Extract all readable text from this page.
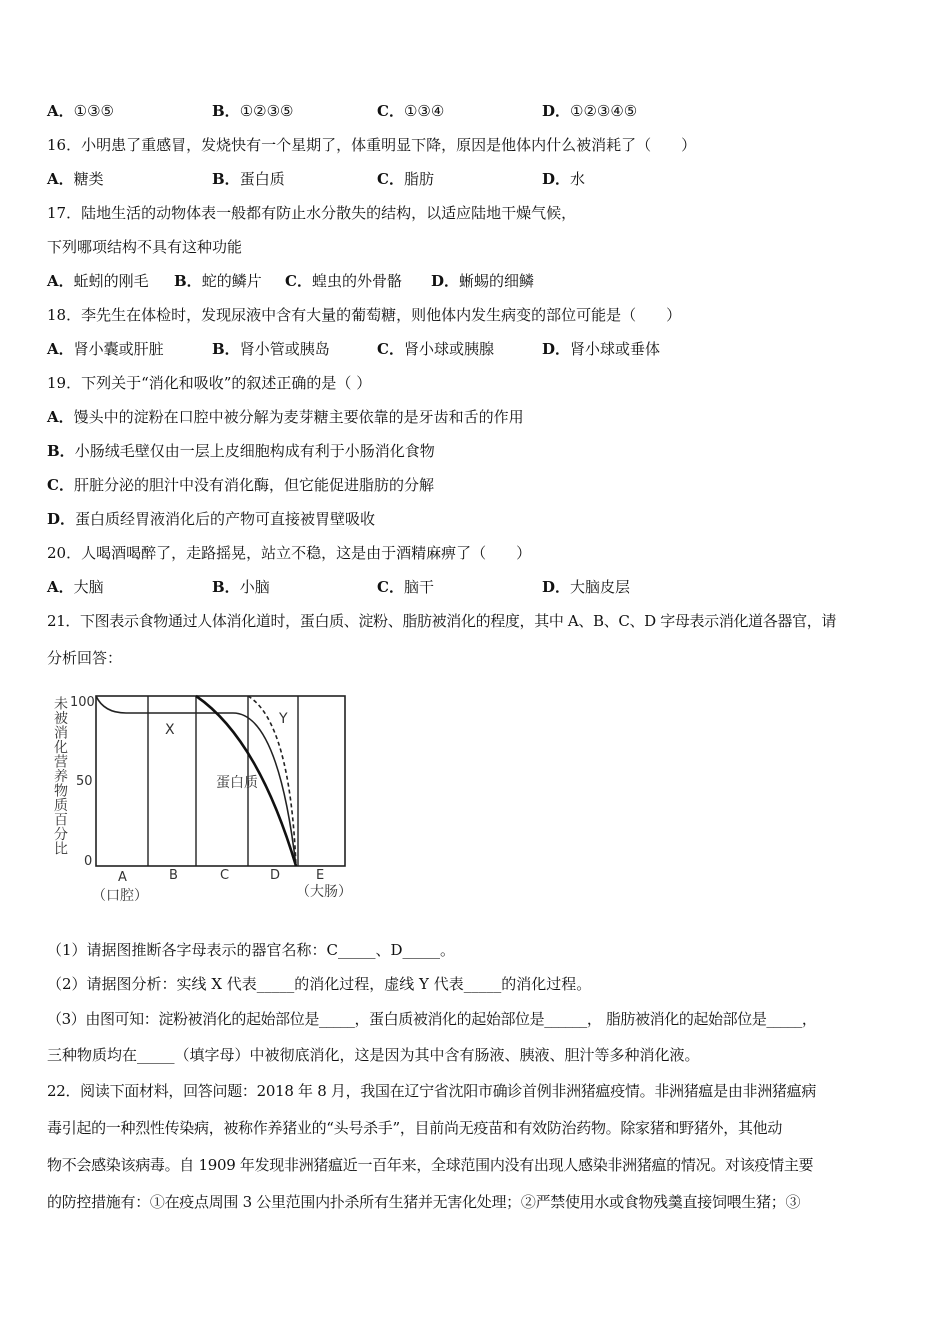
A．①③⑤	B．①②③⑤	C．①③④	D．①②③④⑤
16．小明患了重感冒，发烧快有一个星期了，体重明显下降，原因是他体内什么被消耗了（　　）
A．糖类	B．蛋白质	C．脂肪	D．水
17．陆地生活的动物体表一般都有防止水分散失的结构，以适应陆地干燥气候，
下列哪项结构不具有这种功能
A．蚯蚓的刚毛 B．蛇的鳞片 C．蝗虫的外骨骼 D．蜥蜴的细鳞
18．李先生在体检时，发现尿液中含有大量的葡萄糖，则他体内发生病变的部位可能是（　　）
A．肾小囊或肝脏	B．肾小管或胰岛	C．肾小球或胰腺	D．肾小球或垂体
19．下列关于“消化和吸收”的叙述正确的是（ ）
A．馒头中的淀粉在口腔中被分解为麦芽糖主要依靠的是牙齿和舌的作用
B．小肠绒毛壁仅由一层上皮细胞构成有利于小肠消化食物
C．肝脏分泌的胆汁中没有消化酶，但它能促进脂肪的分解
D．蛋白质经胃液消化后的产物可直接被胃壁吸收
20．人喝酒喝醉了，走路摇晃，站立不稳，这是由于酒精麻痹了（　　）
A．大脑	B．小脑	C．脑干	D．大脑皮层
21．下图表示食物通过人体消化道时，蛋白质、淀粉、脂肪被消化的程度，其中 A、B、C、D 字母表示消化道各器官，请
分析回答：
未被消化营养物质百分比 100
50
0
X
Y
蛋白质
A	B	C	D	E
（口腔）	（大肠）
（1）请据图推断各字母表示的器官名称：C_____、D_____。
（2）请据图分析：实线 X 代表_____的消化过程，虚线 Y 代表_____的消化过程。
（3）由图可知：淀粉被消化的起始部位是_____，蛋白质被消化的起始部位是______， 脂肪被消化的起始部位是_____，
三种物质均在_____（填字母）中被彻底消化，这是因为其中含有肠液、胰液、胆汁等多种消化液。
22．阅读下面材料，回答问题：2018 年 8 月，我国在辽宁省沈阳市确诊首例非洲猪瘟疫情。非洲猪瘟是由非洲猪瘟病
毒引起的一种烈性传染病，被称作养猪业的“头号杀手”，目前尚无疫苗和有效防治药物。除家猪和野猪外，其他动
物不会感染该病毒。自 1909 年发现非洲猪瘟近一百年来，全球范围内没有出现人感染非洲猪瘟的情况。对该疫情主要
的防控措施有：①在疫点周围 3 公里范围内扑杀所有生猪并无害化处理；②严禁使用水或食物残羹直接饲喂生猪；③
